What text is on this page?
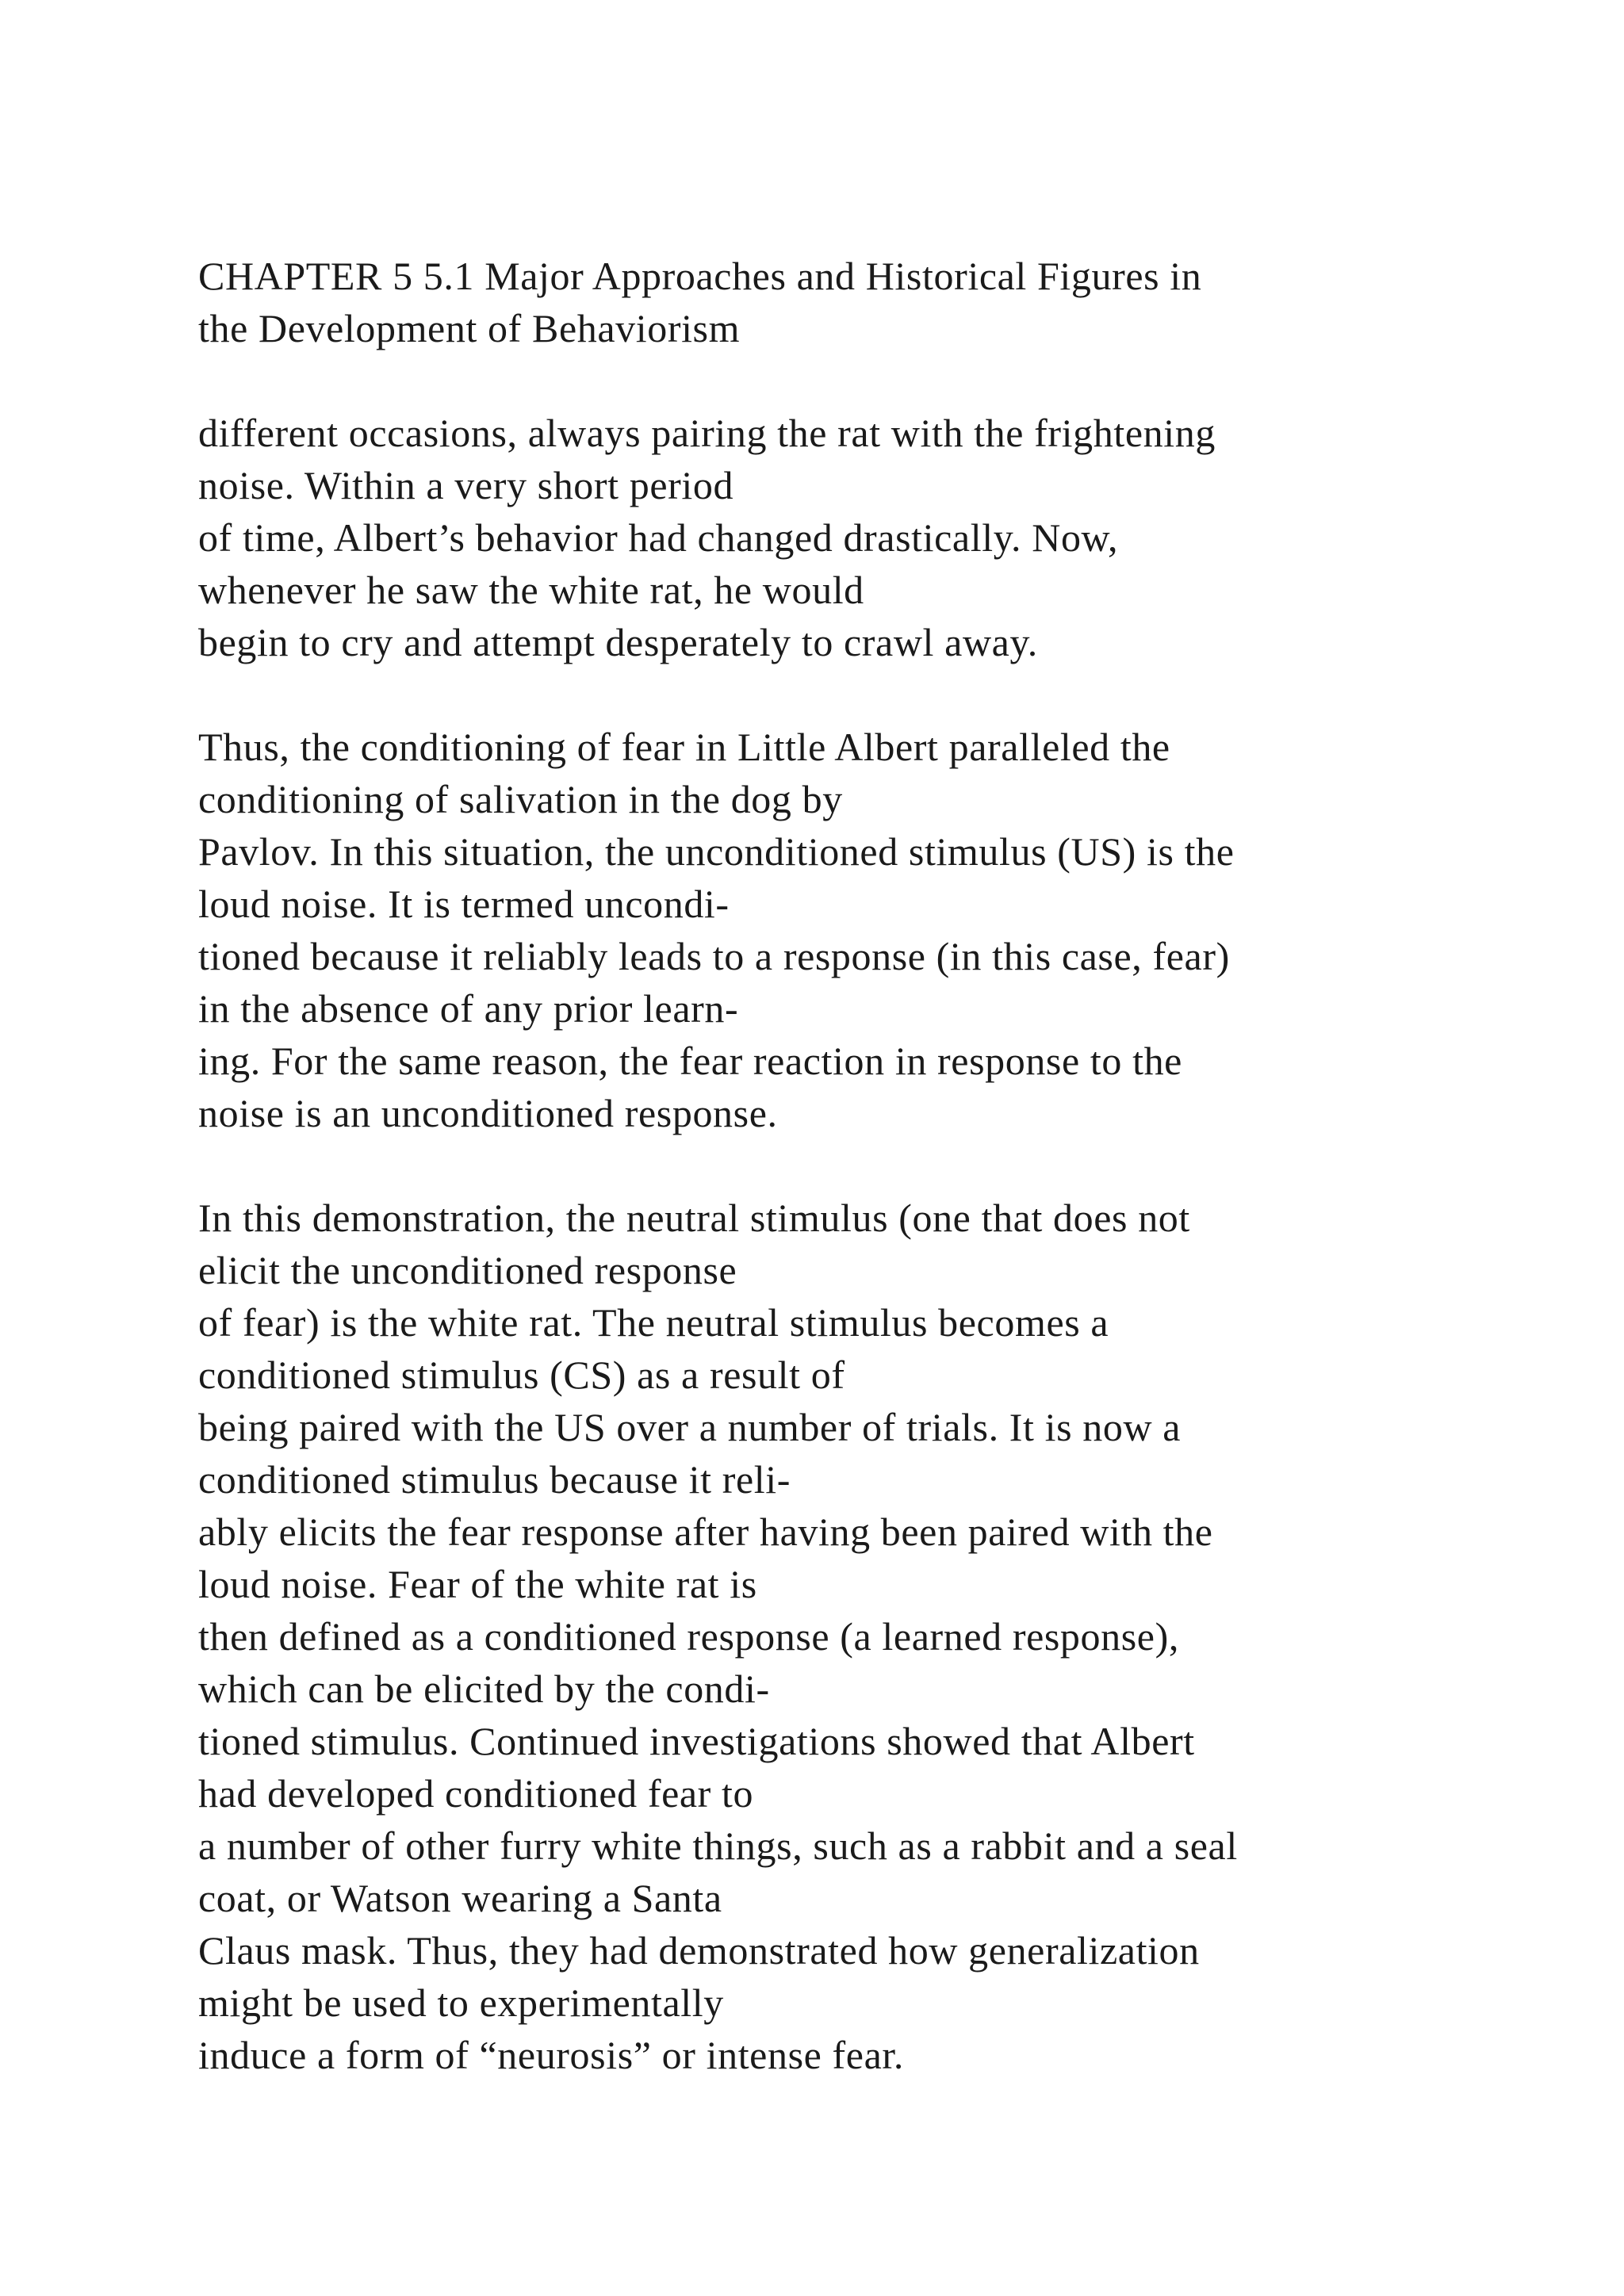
CHAPTER 5 5.1 Major Approaches and Historical Figures in
the Development of Behaviorism
different occasions, always pairing the rat with the frightening
noise. Within a very short period
of time, Albert’s behavior had changed drastically. Now,
whenever he saw the white rat, he would
begin to cry and attempt desperately to crawl away.
Thus, the conditioning of fear in Little Albert paralleled the
conditioning of salivation in the dog by
Pavlov. In this situation, the unconditioned stimulus (US) is the
loud noise. It is termed uncondi-
tioned because it reliably leads to a response (in this case, fear)
in the absence of any prior learn-
ing. For the same reason, the fear reaction in response to the
noise is an unconditioned response.
In this demonstration, the neutral stimulus (one that does not
elicit the unconditioned response
of fear) is the white rat. The neutral stimulus becomes a
conditioned stimulus (CS) as a result of
being paired with the US over a number of trials. It is now a
conditioned stimulus because it reli-
ably elicits the fear response after having been paired with the
loud noise. Fear of the white rat is
then defined as a conditioned response (a learned response),
which can be elicited by the condi-
tioned stimulus. Continued investigations showed that Albert
had developed conditioned fear to
a number of other furry white things, such as a rabbit and a seal
coat, or Watson wearing a Santa
Claus mask. Thus, they had demonstrated how generalization
might be used to experimentally
induce a form of “neurosis” or intense fear.
